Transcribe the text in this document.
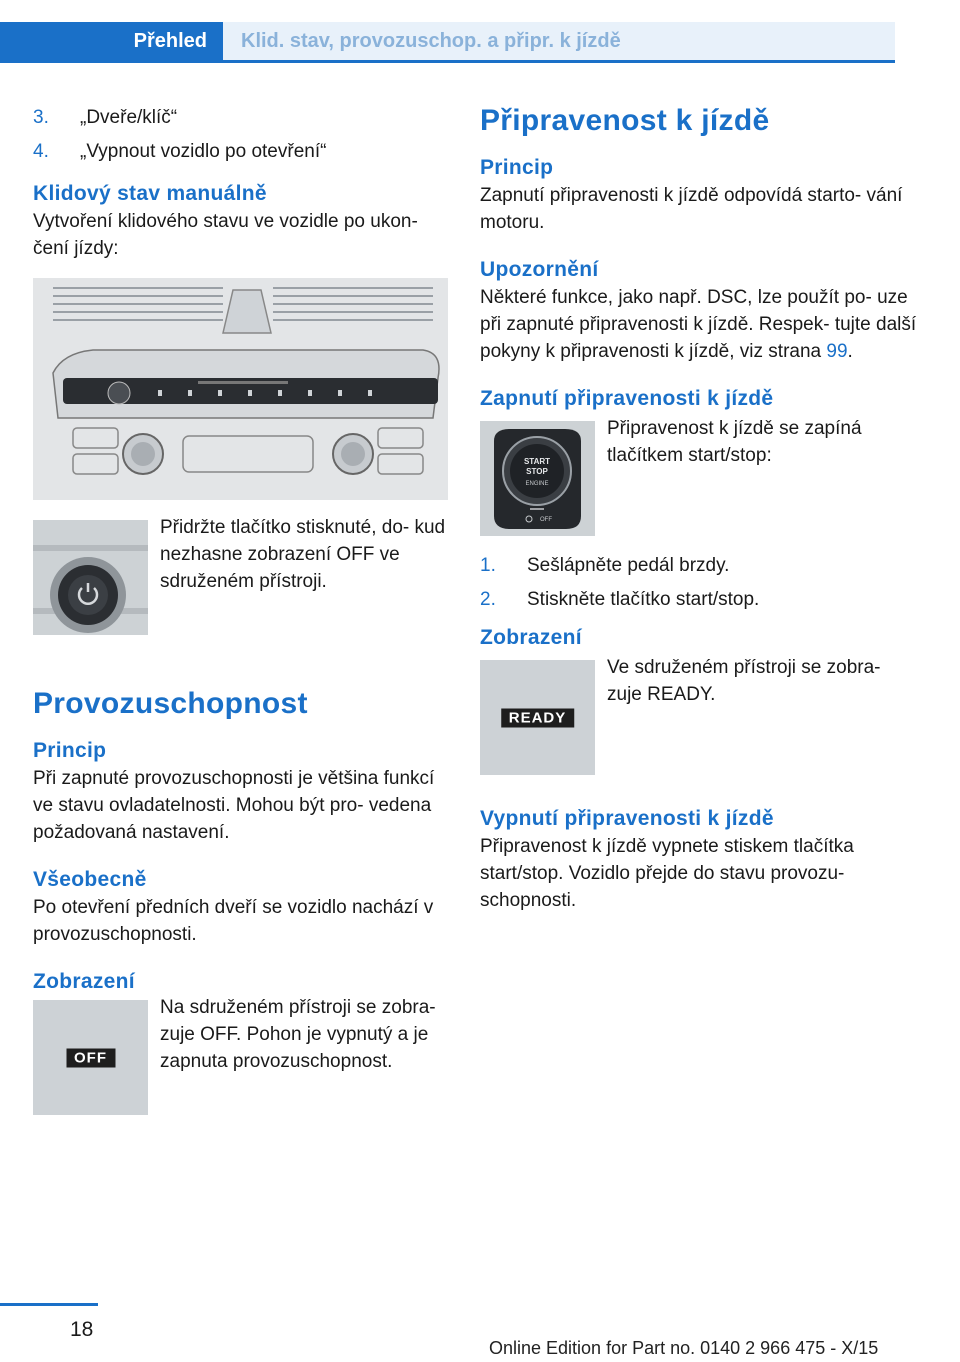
Přehled	Klid. stav, provozuschop. a připr. k jízdě
3. „Dveře/klíč“
4. „Vypnout vozidlo po otevření“
Klidový stav manuálně
Vytvoření klidového stavu ve vozidle po ukon- čení jízdy:
Přidržte tlačítko stisknuté, do- kud nezhasne zobrazení OFF ve sdruženém přístroji.
Provozuschopnost
Princip
Při zapnuté provozuschopnosti je většina funkcí ve stavu ovladatelnosti. Mohou být pro- vedena požadovaná nastavení.
Všeobecně
Po otevření předních dveří se vozidlo nachází v provozuschopnosti.
Zobrazení
OFF
Na sdruženém přístroji se zobra- zuje OFF. Pohon je vypnutý a je zapnuta provozuschopnost.
Připravenost k jízdě
Princip
Zapnutí připravenosti k jízdě odpovídá starto- vání motoru.
Upozornění
Některé funkce, jako např. DSC, lze použít po- uze při zapnuté připravenosti k jízdě. Respek- tujte další pokyny k připravenosti k jízdě, viz strana 99.
Zapnutí připravenosti k jízdě
START
STOP
ENGINE
OFF
Připravenost k jízdě se zapíná tlačítkem start/stop:
1. Sešlápněte pedál brzdy.
2. Stiskněte tlačítko start/stop.
Zobrazení
READY
Ve sdruženém přístroji se zobra- zuje READY.
Vypnutí připravenosti k jízdě
Připravenost k jízdě vypnete stiskem tlačítka start/stop. Vozidlo přejde do stavu provozu- schopnosti.
18
Online Edition for Part no. 0140 2 966 475 - X/15
